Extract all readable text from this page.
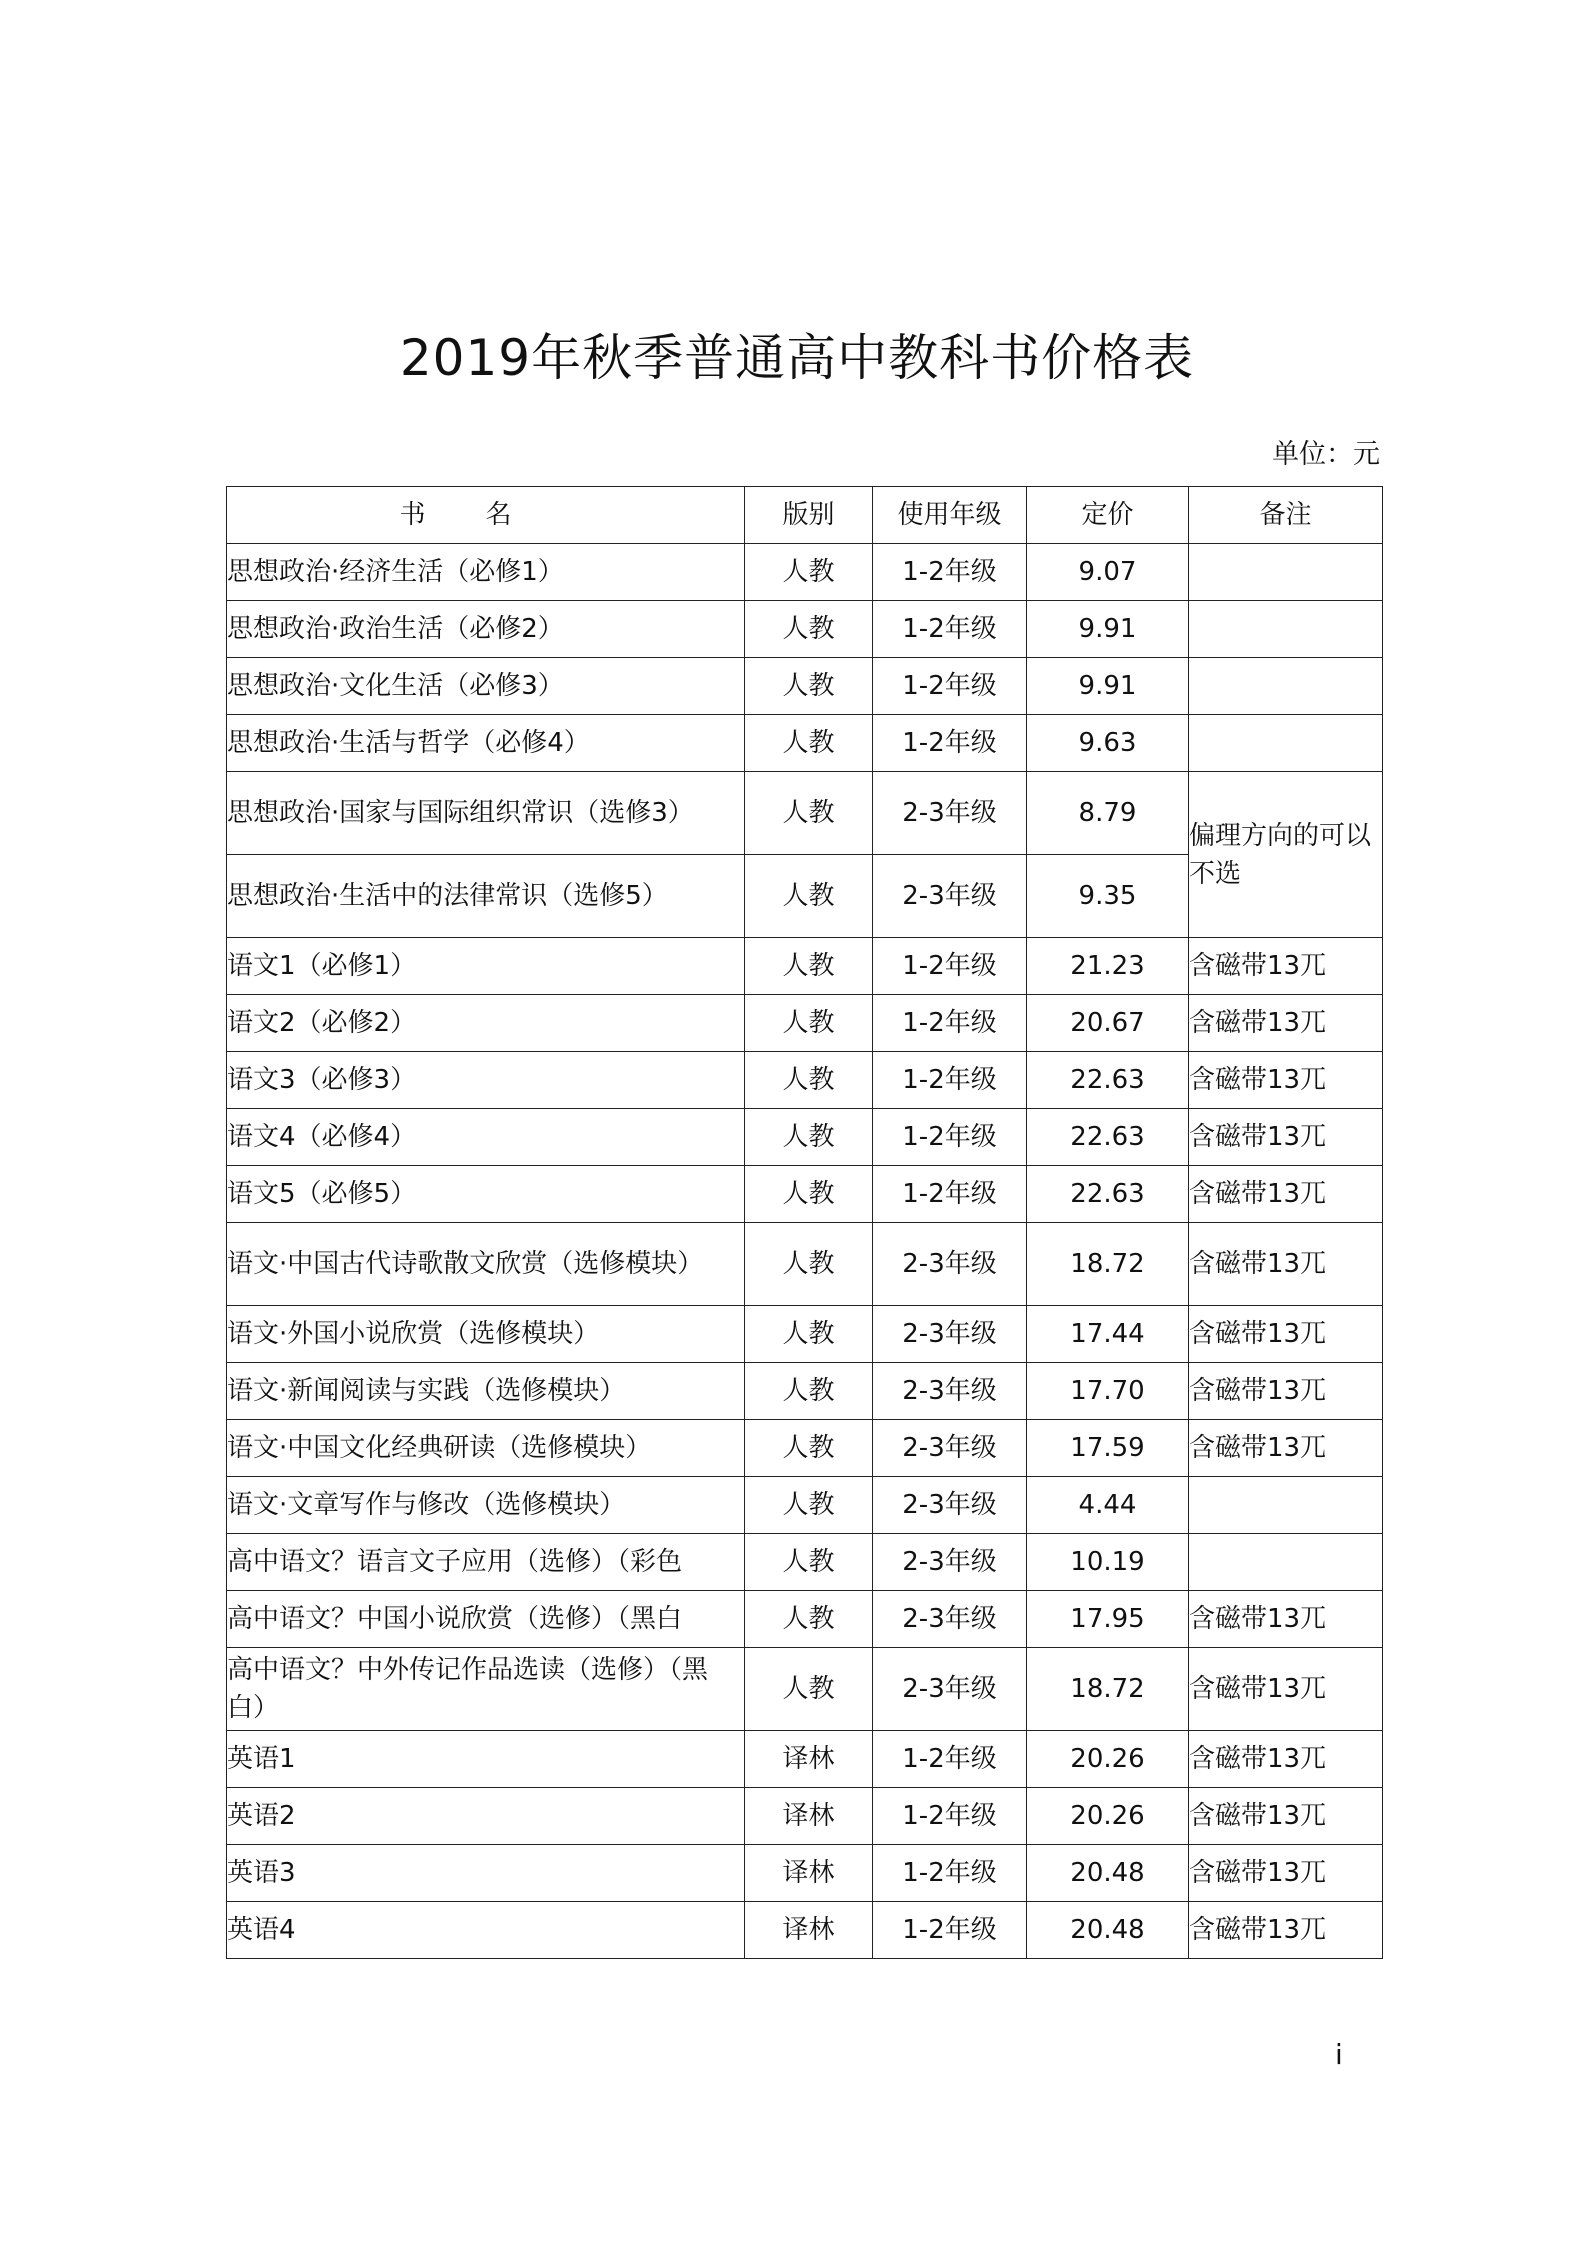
2019年秋季普通高中教科书价格表
单位：元
书名	版别	使用年级	定价	备注
思想政治·经济生活（必修1）	人教	1-2年级	9.07	
思想政治·政治生活（必修2）	人教	1-2年级	9.91	
思想政治·文化生活（必修3）	人教	1-2年级	9.91	
思想政治·生活与哲学（必修4）	人教	1-2年级	9.63	
思想政治·国家与国际组织常识（选修3）	人教	2-3年级	8.79	偏理方向的可以不选
思想政治·生活中的法律常识（选修5）	人教	2-3年级	9.35	
语文1（必修1）	人教	1-2年级	21.23	含磁带13兀
语文2（必修2）	人教	1-2年级	20.67	含磁带13兀
语文3（必修3）	人教	1-2年级	22.63	含磁带13兀
语文4（必修4）	人教	1-2年级	22.63	含磁带13兀
语文5（必修5）	人教	1-2年级	22.63	含磁带13兀
语文·中国古代诗歌散文欣赏（选修模块）	人教	2-3年级	18.72	含磁带13兀
语文·外国小说欣赏（选修模块）	人教	2-3年级	17.44	含磁带13兀
语文·新闻阅读与实践（选修模块）	人教	2-3年级	17.70	含磁带13兀
语文·中国文化经典研读（选修模块）	人教	2-3年级	17.59	含磁带13兀
语文·文章写作与修改（选修模块）	人教	2-3年级	4.44	
高中语文？语言文子应用（选修）（彩色	人教	2-3年级	10.19	
高中语文？中国小说欣赏（选修）（黑白	人教	2-3年级	17.95	含磁带13兀
高中语文？中外传记作品选读（选修）（黑白）	人教	2-3年级	18.72	含磁带13兀
英语1	译林	1-2年级	20.26	含磁带13兀
英语2	译林	1-2年级	20.26	含磁带13兀
英语3	译林	1-2年级	20.48	含磁带13兀
英语4	译林	1-2年级	20.48	含磁带13兀
i
